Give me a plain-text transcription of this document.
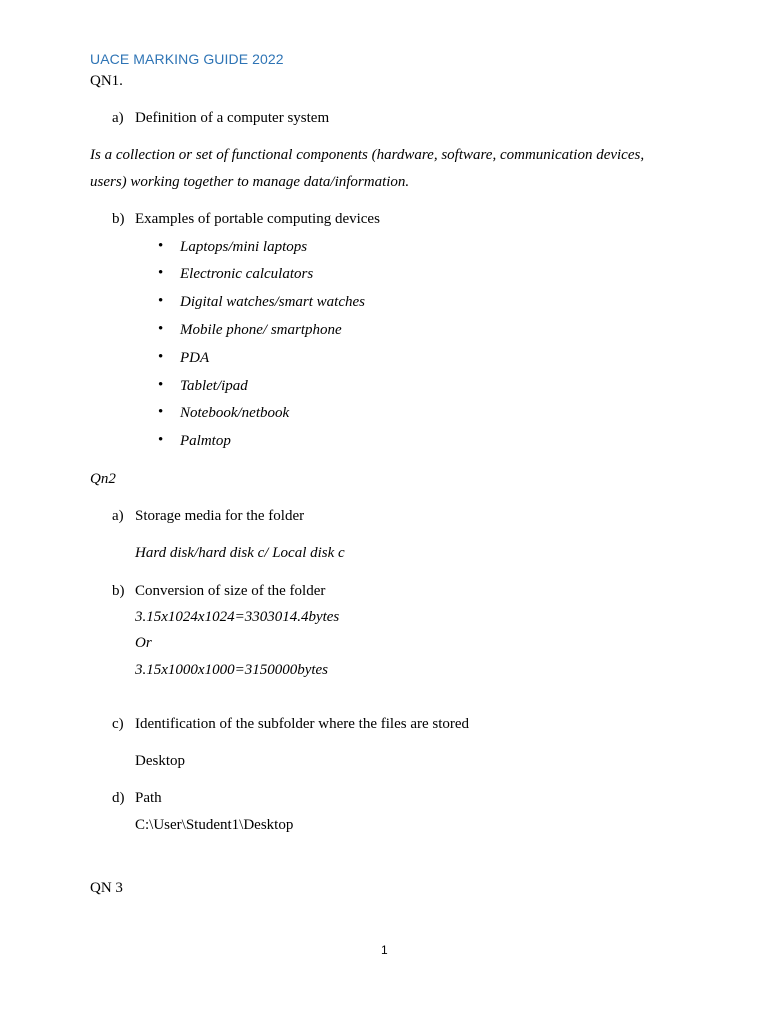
UACE MARKING GUIDE 2022
QN1.
a) Definition of a computer system
Is a collection or set of functional components (hardware, software, communication devices,
users) working together to manage data/information.
b) Examples of portable computing devices
• Laptops/mini laptops
• Electronic calculators
• Digital watches/smart watches
• Mobile phone/ smartphone
• PDA
• Tablet/ipad
• Notebook/netbook
• Palmtop
Qn2
a) Storage media for the folder
Hard disk/hard disk c/ Local disk c
b) Conversion of size of the folder
3.15x1024x1024=3303014.4bytes
Or
3.15x1000x1000=3150000bytes
c) Identification of the subfolder where the files are stored
Desktop
d) Path
C:\User\Student1\Desktop
QN 3
1
